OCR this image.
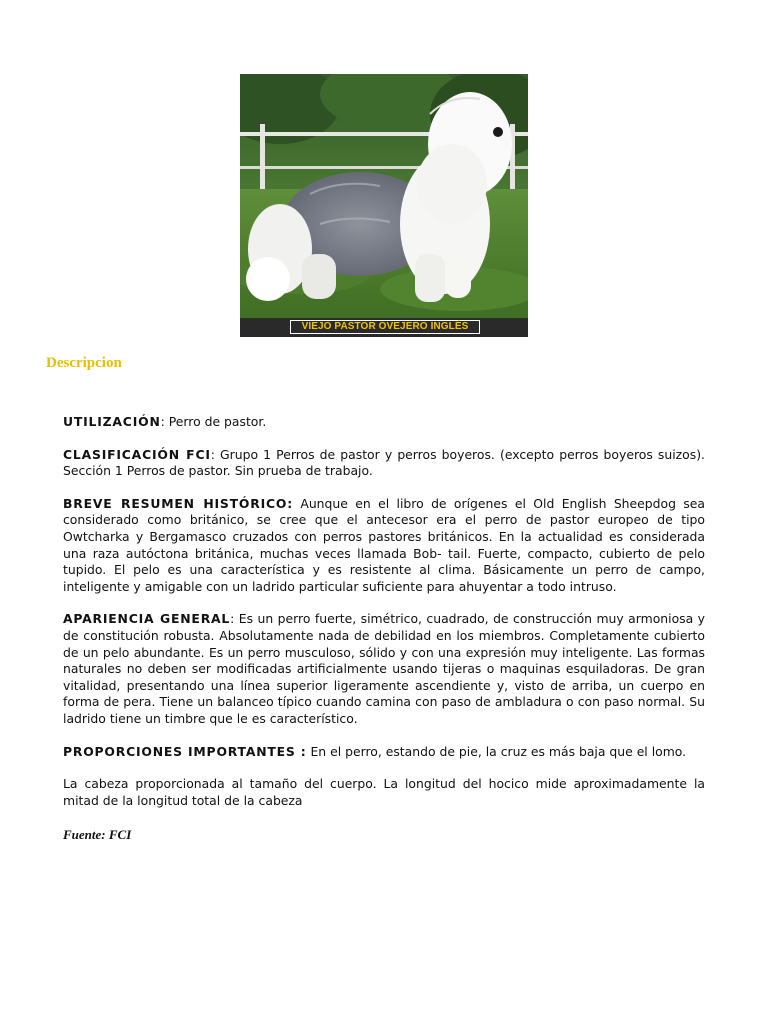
VIEJO PASTOR OVEJERO INGLÉS
Descripcion

UTILIZACIÓN: Perro de pastor.

CLASIFICACIÓN FCI: Grupo 1 Perros de pastor y perros boyeros. (excepto perros boyeros suizos). Sección 1 Perros de pastor. Sin prueba de trabajo.

BREVE RESUMEN HISTÓRICO: Aunque en el libro de orígenes el Old English Sheepdog sea considerado como británico, se cree que el antecesor era el perro de pastor europeo de tipo Owtcharka y Bergamasco cruzados con perros pastores británicos. En la actualidad es considerada una raza autóctona británica, muchas veces llamada Bob- tail. Fuerte, compacto, cubierto de pelo tupido. El pelo es una característica y es resistente al clima. Básicamente un perro de campo, inteligente y amigable con un ladrido particular suficiente para ahuyentar a todo intruso.

APARIENCIA GENERAL: Es un perro fuerte, simétrico, cuadrado, de construcción muy armoniosa y de constitución robusta. Absolutamente nada de debilidad en los miembros. Completamente cubierto de un pelo abundante. Es un perro musculoso, sólido y con una expresión muy inteligente. Las formas naturales no deben ser modificadas artificialmente usando tijeras o maquinas esquiladoras. De gran vitalidad, presentando una línea superior ligeramente ascendiente y, visto de arriba, un cuerpo en forma de pera. Tiene un balanceo típico cuando camina con paso de ambladura o con paso normal. Su ladrido tiene un timbre que le es característico.

PROPORCIONES IMPORTANTES : En el perro, estando de pie, la cruz es más baja que el lomo.

La cabeza proporcionada al tamaño del cuerpo. La longitud del hocico mide aproximadamente la mitad de la longitud total de la cabeza

Fuente: FCI
